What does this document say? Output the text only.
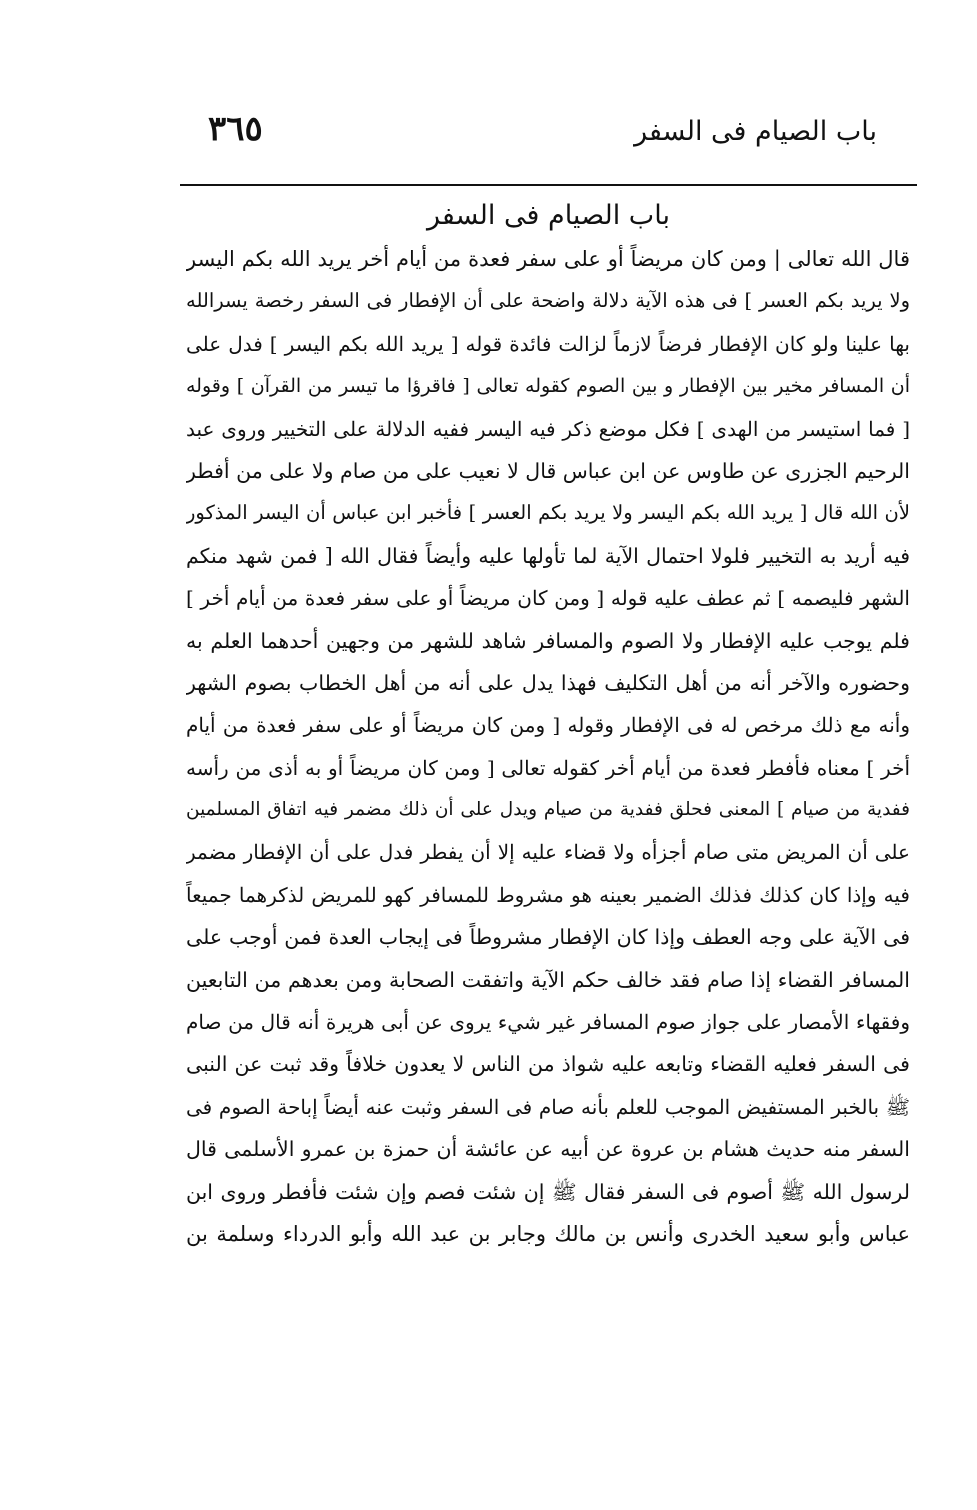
باب الصيام فى السفر
٣٦٥
باب الصيام فى السفر
قال الله تعالى | ومن كان مريضاً أو على سفر فعدة من أيام أخر يريد الله بكم اليسر
ولا يريد بكم العسر ] فى هذه الآية دلالة واضحة على أن الإفطار فى السفر رخصة يسرالله
بها علينا ولو كان الإفطار فرضاً لازماً لزالت فائدة قوله [ يريد الله بكم اليسر ] فدل على
أن المسافر مخير بين الإفطار و بين الصوم كقوله تعالى [ فاقرؤا ما تيسر من القرآن ] وقوله
[ فما استيسر من الهدى ] فكل موضع ذكر فيه اليسر ففيه الدلالة على التخيير وروى عبد
الرحيم الجزرى عن طاوس عن ابن عباس قال لا نعيب على من صام ولا على من أفطر
لأن الله قال [ يريد الله بكم اليسر ولا يريد بكم العسر ] فأخبر ابن عباس أن اليسر المذكور
فيه أريد به التخيير فلولا احتمال الآية لما تأولها عليه وأيضاً فقال الله [ فمن شهد منكم
الشهر فليصمه ] ثم عطف عليه قوله [ ومن كان مريضاً أو على سفر فعدة من أيام أخر ]
فلم يوجب عليه الإفطار ولا الصوم والمسافر شاهد للشهر من وجهين أحدهما العلم به
وحضوره والآخر أنه من أهل التكليف فهذا يدل على أنه من أهل الخطاب بصوم الشهر
وأنه مع ذلك مرخص له فى الإفطار وقوله [ ومن كان مريضاً أو على سفر فعدة من أيام
أخر ] معناه فأفطر فعدة من أيام أخر كقوله تعالى [ ومن كان مريضاً أو به أذى من رأسه
ففدية من صيام ] المعنى فحلق ففدية من صيام ويدل على أن ذلك مضمر فيه اتفاق المسلمين
على أن المريض متى صام أجزأه ولا قضاء عليه إلا أن يفطر فدل على أن الإفطار مضمر
فيه وإذا كان كذلك فذلك الضمير بعينه هو مشروط للمسافر كهو للمريض لذكرهما جميعاً
فى الآية على وجه العطف وإذا كان الإفطار مشروطاً فى إيجاب العدة فمن أوجب على
المسافر القضاء إذا صام فقد خالف حكم الآية واتفقت الصحابة ومن بعدهم من التابعين
وفقهاء الأمصار على جواز صوم المسافر غير شيء يروى عن أبى هريرة أنه قال من صام
فى السفر فعليه القضاء وتابعه عليه شواذ من الناس لا يعدون خلافاً وقد ثبت عن النبى
ﷺ بالخبر المستفيض الموجب للعلم بأنه صام فى السفر وثبت عنه أيضاً إباحة الصوم فى
السفر منه حديث هشام بن عروة عن أبيه عن عائشة أن حمزة بن عمرو الأسلمى قال
لرسول الله ﷺ أصوم فى السفر فقال ﷺ إن شئت فصم وإن شئت فأفطر وروى ابن
عباس وأبو سعيد الخدرى وأنس بن مالك وجابر بن عبد الله وأبو الدرداء وسلمة بن
